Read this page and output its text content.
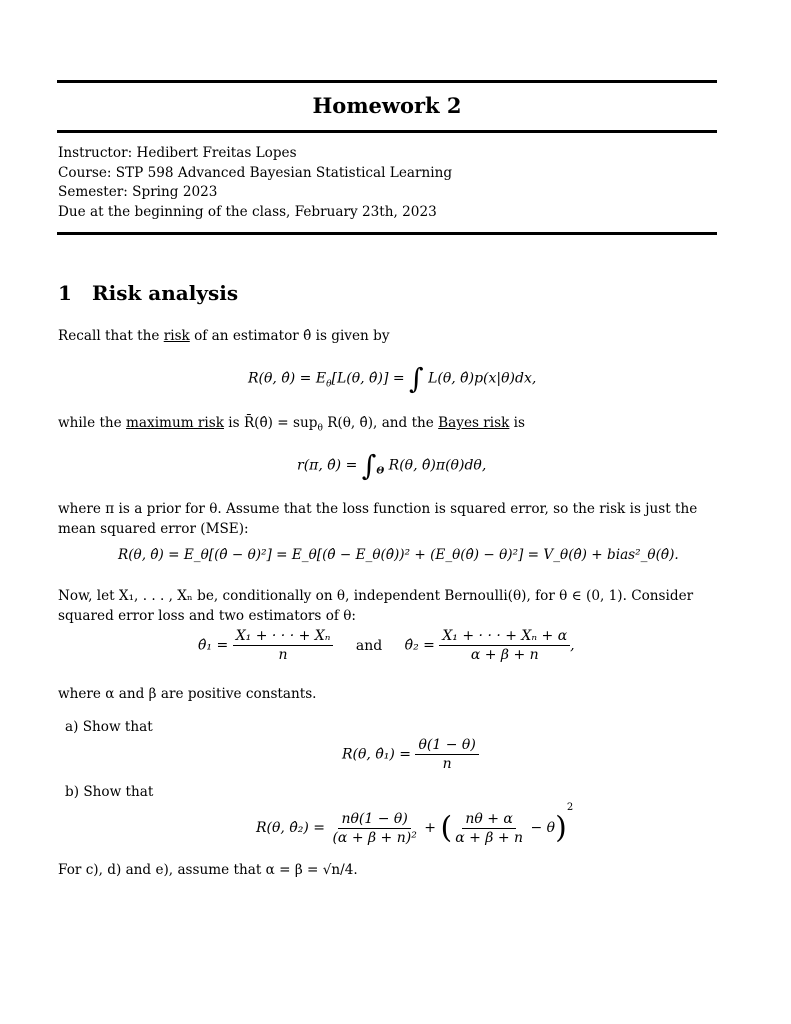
Homework 2
Instructor: Hedibert Freitas Lopes
Course: STP 598 Advanced Bayesian Statistical Learning
Semester: Spring 2023
Due at the beginning of the class, February 23th, 2023
1 Risk analysis
Recall that the risk of an estimator θ̂ is given by
R(θ, θ̂) = $E_\theta[L(\theta$, θ̂)] = ∫ L(θ, θ̂)p(x|θ)dx,
while the maximum risk is R̄(θ̂) = sup$_\theta$ R(θ, θ̂), and the Bayes risk is
r(π, θ̂) = $\int_\Theta$ R(θ, θ̂)π(θ)dθ,
where π is a prior for θ. Assume that the loss function is squared error, so the risk is just the mean squared error (MSE):
R(θ, θ̂) = E_θ[(θ̂ − θ)²] = E_θ[(θ̂ − E_θ(θ̂))² + (E_θ(θ̂) − θ)²] = V_θ(θ̂) + bias²_θ(θ̂).
Now, let X₁, . . . , Xₙ be, conditionally on θ, independent Bernoulli(θ), for θ ∈ (0, 1). Consider squared error loss and two estimators of θ:
θ̂₁ = $\frac{\text{X₁ + · · · + Xₙ}}{n}$ and θ̂₂ = $\frac{\text{X₁ + · · · + Xₙ + α}}{\alpha + \beta + n}$ ,
where α and β are positive constants.
a) Show that
R(θ, θ̂₁) = $\frac{\theta(1 - \theta)}{n}$
b) Show that
R(θ, θ̂₂) = $\frac{n\theta(1 - \theta)}{\text{(α + β + n)²}}$ + ( $\frac{n\theta + \alpha}{\alpha + \beta + n} - \theta)^2$
For c), d) and e), assume that α = β = √n/4.
